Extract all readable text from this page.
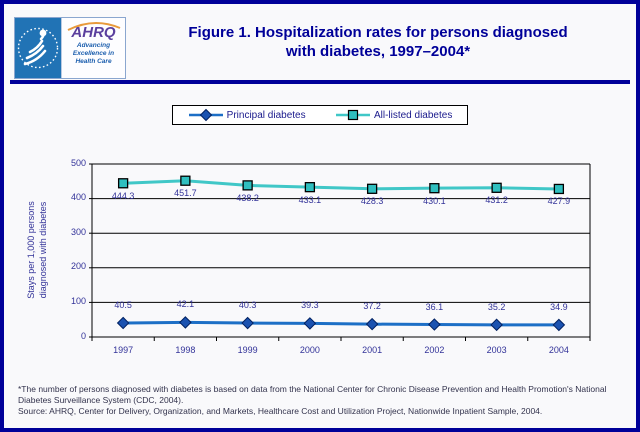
AHRQ
Advancing Excellence in Health Care
Figure 1. Hospitalization rates for persons diagnosed
with diabetes, 1997–2004*
Principal diabetes	All-listed diabetes
Stays per 1,000 persons diagnosed with diabetes
0
100
200
300
400
500
1997	1998	1999	2000	2001	2002	2003	2004
40.5	42.1	40.3	39.3	37.2	36.1	35.2	34.9
444.3	451.7	438.2	433.1	428.3	430.1	431.2	427.9
*The number of persons diagnosed with diabetes is based on data from the National Center for Chronic Disease Prevention and Health Promotion's National Diabetes Surveillance System (CDC, 2004).
Source: AHRQ, Center for Delivery, Organization, and Markets, Healthcare Cost and Utilization Project, Nationwide Inpatient Sample, 2004.
